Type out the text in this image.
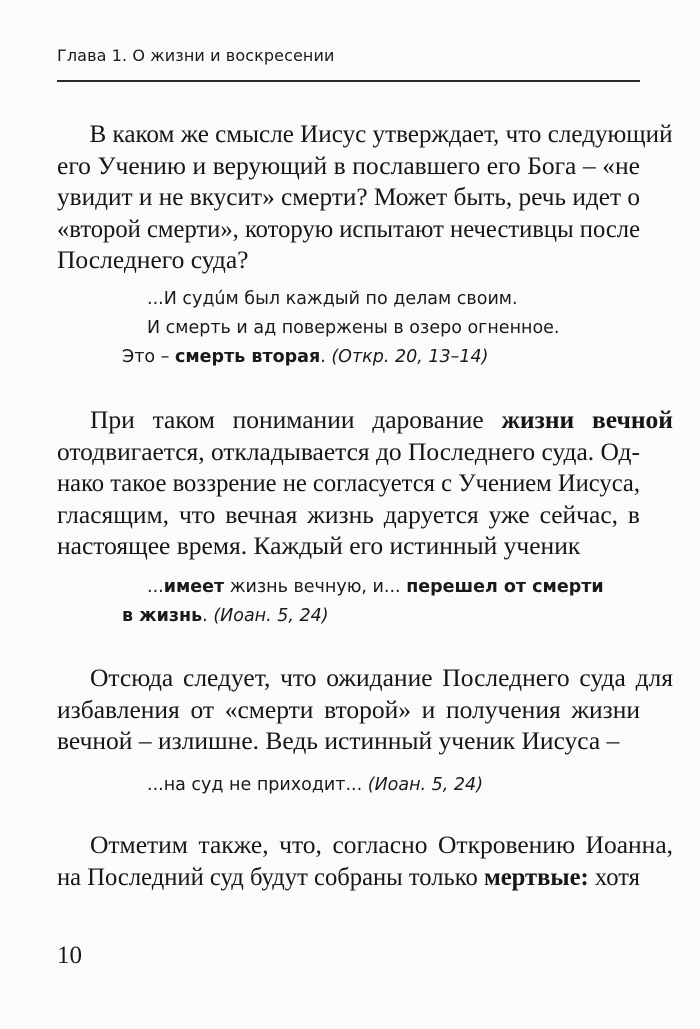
Глава 1. О жизни и воскресении
В каком же смысле Иисус утверждает, что следующий
его Учению и верующий в пославшего его Бога – «не
увидит и не вкусит» смерти? Может быть, речь идет о
«второй смерти», которую испытают нечестивцы после
Последнего суда?
...И судúм был каждый по делам своим.
И смерть и ад повержены в озеро огненное.
Это – смерть вторая. (Откр. 20, 13–14)
При таком понимании дарование жизни вечной
отодвигается, откладывается до Последнего суда. Од-
нако такое воззрение не согласуется с Учением Иисуса,
гласящим, что вечная жизнь даруется уже сейчас, в
настоящее время. Каждый его истинный ученик
...имеет жизнь вечную, и... перешел от смерти
в жизнь. (Иоан. 5, 24)
Отсюда следует, что ожидание Последнего суда для
избавления от «смерти второй» и получения жизни
вечной – излишне. Ведь истинный ученик Иисуса –
...на суд не приходит... (Иоан. 5, 24)
Отметим также, что, согласно Откровению Иоанна,
на Последний суд будут собраны только мертвые: хотя
10
